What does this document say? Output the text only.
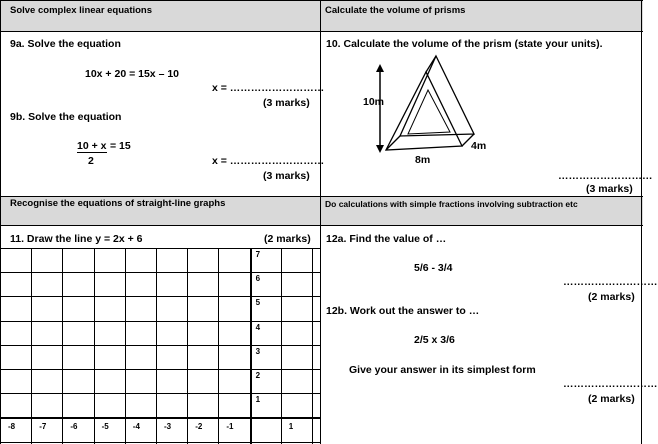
Solve complex linear equations	Calculate the volume of prisms
Recognise the equations of straight-line graphs	Do calculations with simple fractions involving subtraction etc
9a. Solve the equation
10x + 20 = 15x – 10
x = ………………………
(3 marks)
9b. Solve the equation
10 + x = 15
2	x = ………………………
(3 marks)
10. Calculate the volume of the prism (state your units).
10m
8m
4m
………………………
(3 marks)
11. Draw the line y = 2x + 6	(2 marks)
-8	-7	-6	-5	-4	-3	-2	-1	1
7
6
5
4
3
2
1
12a. Find the value of …
5/6 - 3/4
………………………
(2 marks)
12b. Work out the answer to …
2/5 x 3/6
Give your answer in its simplest form
………………………
(2 marks)
